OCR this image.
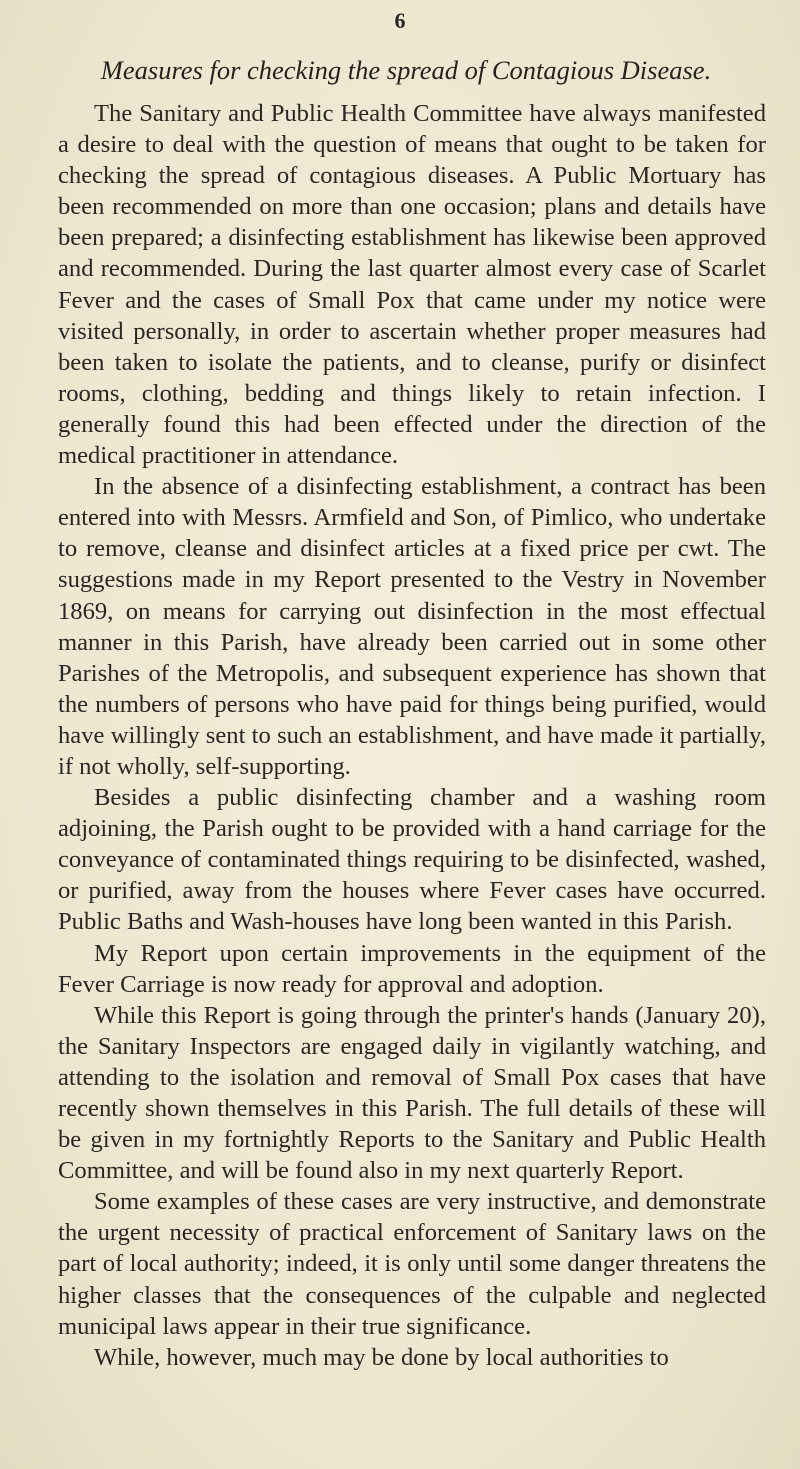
6
Measures for checking the spread of Contagious Disease.

The Sanitary and Public Health Committee have always manifested a desire to deal with the question of means that ought to be taken for checking the spread of contagious diseases. A Public Mortuary has been recommended on more than one occasion; plans and details have been prepared; a disinfecting establishment has likewise been approved and recommended. During the last quarter almost every case of Scarlet Fever and the cases of Small Pox that came under my notice were visited personally, in order to ascertain whether proper measures had been taken to isolate the patients, and to cleanse, purify or disinfect rooms, clothing, bedding and things likely to retain infection. I generally found this had been effected under the direction of the medical practitioner in attendance.

In the absence of a disinfecting establishment, a contract has been entered into with Messrs. Armfield and Son, of Pimlico, who undertake to remove, cleanse and disinfect articles at a fixed price per cwt. The suggestions made in my Report presented to the Vestry in November 1869, on means for carrying out disinfection in the most effectual manner in this Parish, have already been carried out in some other Parishes of the Metropolis, and subsequent experience has shown that the numbers of persons who have paid for things being purified, would have willingly sent to such an establishment, and have made it partially, if not wholly, self-supporting.

Besides a public disinfecting chamber and a washing room adjoining, the Parish ought to be provided with a hand carriage for the conveyance of contaminated things requiring to be disinfected, washed, or purified, away from the houses where Fever cases have occurred. Public Baths and Wash-houses have long been wanted in this Parish.

My Report upon certain improvements in the equipment of the Fever Carriage is now ready for approval and adoption.

While this Report is going through the printer's hands (January 20), the Sanitary Inspectors are engaged daily in vigilantly watching, and attending to the isolation and removal of Small Pox cases that have recently shown themselves in this Parish. The full details of these will be given in my fortnightly Reports to the Sanitary and Public Health Committee, and will be found also in my next quarterly Report.

Some examples of these cases are very instructive, and demonstrate the urgent necessity of practical enforcement of Sanitary laws on the part of local authority; indeed, it is only until some danger threatens the higher classes that the consequences of the culpable and neglected municipal laws appear in their true significance.

While, however, much may be done by local authorities to
